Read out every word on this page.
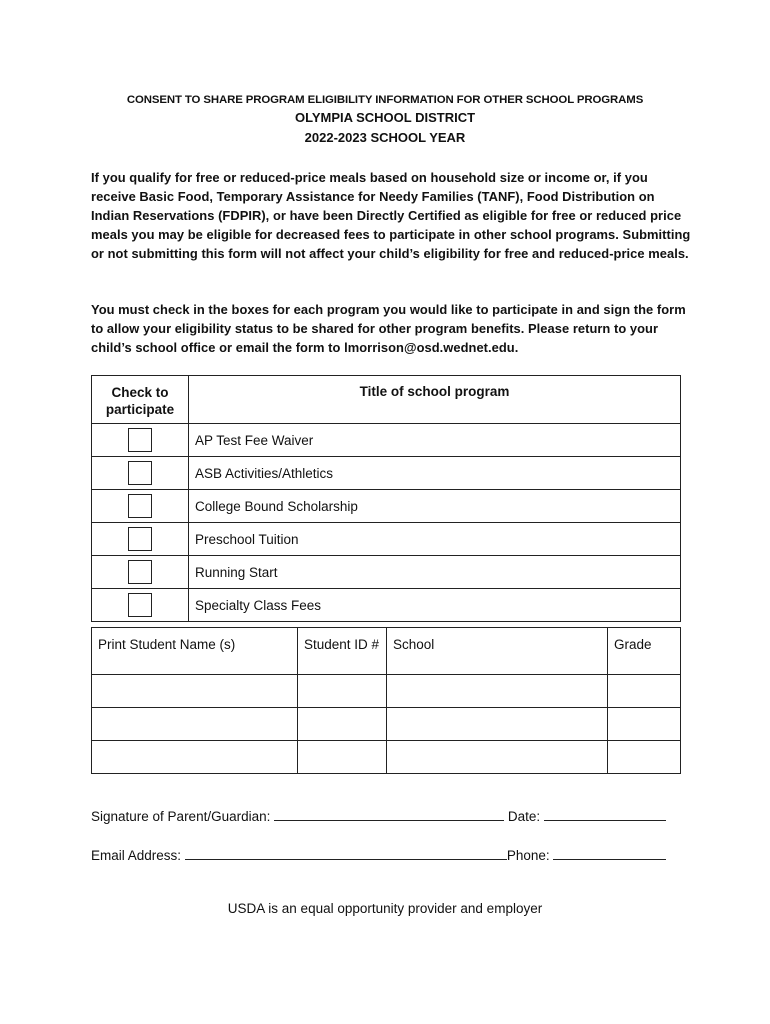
CONSENT TO SHARE PROGRAM ELIGIBILITY INFORMATION FOR OTHER SCHOOL PROGRAMS
OLYMPIA SCHOOL DISTRICT
2022-2023 SCHOOL YEAR
If you qualify for free or reduced-price meals based on household size or income or, if you receive Basic Food, Temporary Assistance for Needy Families (TANF), Food Distribution on Indian Reservations (FDPIR), or have been Directly Certified as eligible for free or reduced price meals you may be eligible for decreased fees to participate in other school programs. Submitting or not submitting this form will not affect your child’s eligibility for free and reduced-price meals.
You must check in the boxes for each program you would like to participate in and sign the form to allow your eligibility status to be shared for other program benefits. Please return to your child’s school office or email the form to lmorrison@osd.wednet.edu.
Check to participate	Title of school program
	AP Test Fee Waiver
	ASB Activities/Athletics
	College Bound Scholarship
	Preschool Tuition
	Running Start
	Specialty Class Fees
Print Student Name (s)	Student ID #	School	Grade

Signature of Parent/Guardian:	Date:
Email Address:	Phone:
USDA is an equal opportunity provider and employer
